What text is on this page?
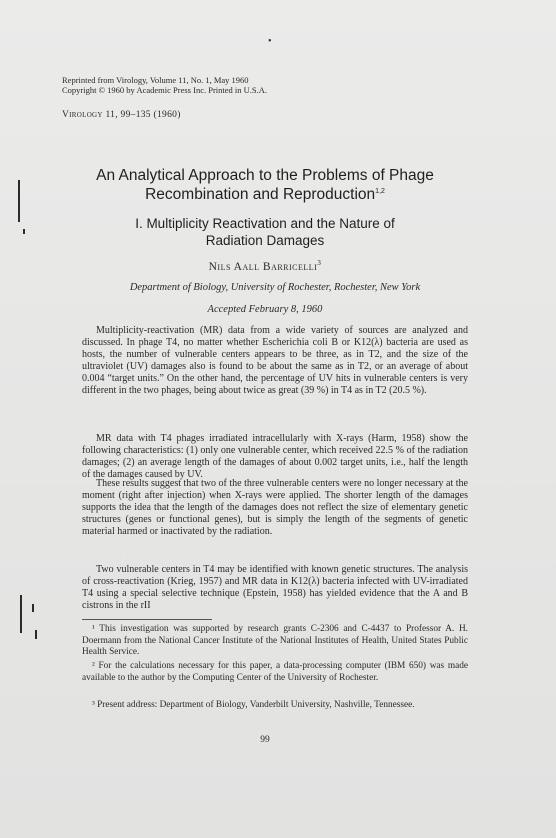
•
Reprinted from Virology, Volume 11, No. 1, May 1960
Copyright © 1960 by Academic Press Inc. Printed in U.S.A.
Virology 11, 99–135 (1960)
An Analytical Approach to the Problems of Phage
Recombination and Reproduction$^{1,2}$
I. Multiplicity Reactivation and the Nature of
Radiation Damages
Nils Aall Barricelli$^3$
Department of Biology, University of Rochester, Rochester, New York
Accepted February 8, 1960

Multiplicity-reactivation (MR) data from a wide variety of sources are analyzed and discussed. In phage T4, no matter whether Escherichia coli B or K12(λ) bacteria are used as hosts, the number of vulnerable centers appears to be three, as in T2, and the size of the ultraviolet (UV) damages also is found to be about the same as in T2, or an average of about 0.004 “target units.” On the other hand, the percentage of UV hits in vulnerable centers is very different in the two phages, being about twice as great (39 %) in T4 as in T2 (20.5 %).

MR data with T4 phages irradiated intracellularly with X-rays (Harm, 1958) show the following characteristics: (1) only one vulnerable center, which received 22.5 % of the radiation damages; (2) an average length of the damages of about 0.002 target units, i.e., half the length of the damages caused by UV.

These results suggest that two of the three vulnerable centers were no longer necessary at the moment (right after injection) when X-rays were applied. The shorter length of the damages supports the idea that the length of the damages does not reflect the size of elementary genetic structures (genes or functional genes), but is simply the length of the segments of genetic material harmed or inactivated by the radiation.

Two vulnerable centers in T4 may be identified with known genetic structures. The analysis of cross-reactivation (Krieg, 1957) and MR data in K12(λ) bacteria infected with UV-irradiated T4 using a special selective technique (Epstein, 1958) has yielded evidence that the A and B cistrons in the rII

¹ This investigation was supported by research grants C-2306 and C-4437 to Professor A. H. Doermann from the National Cancer Institute of the National Institutes of Health, United States Public Health Service.

² For the calculations necessary for this paper, a data-processing computer (IBM 650) was made available to the author by the Computing Center of the University of Rochester.

³ Present address: Department of Biology, Vanderbilt University, Nashville, Tennessee.

99
